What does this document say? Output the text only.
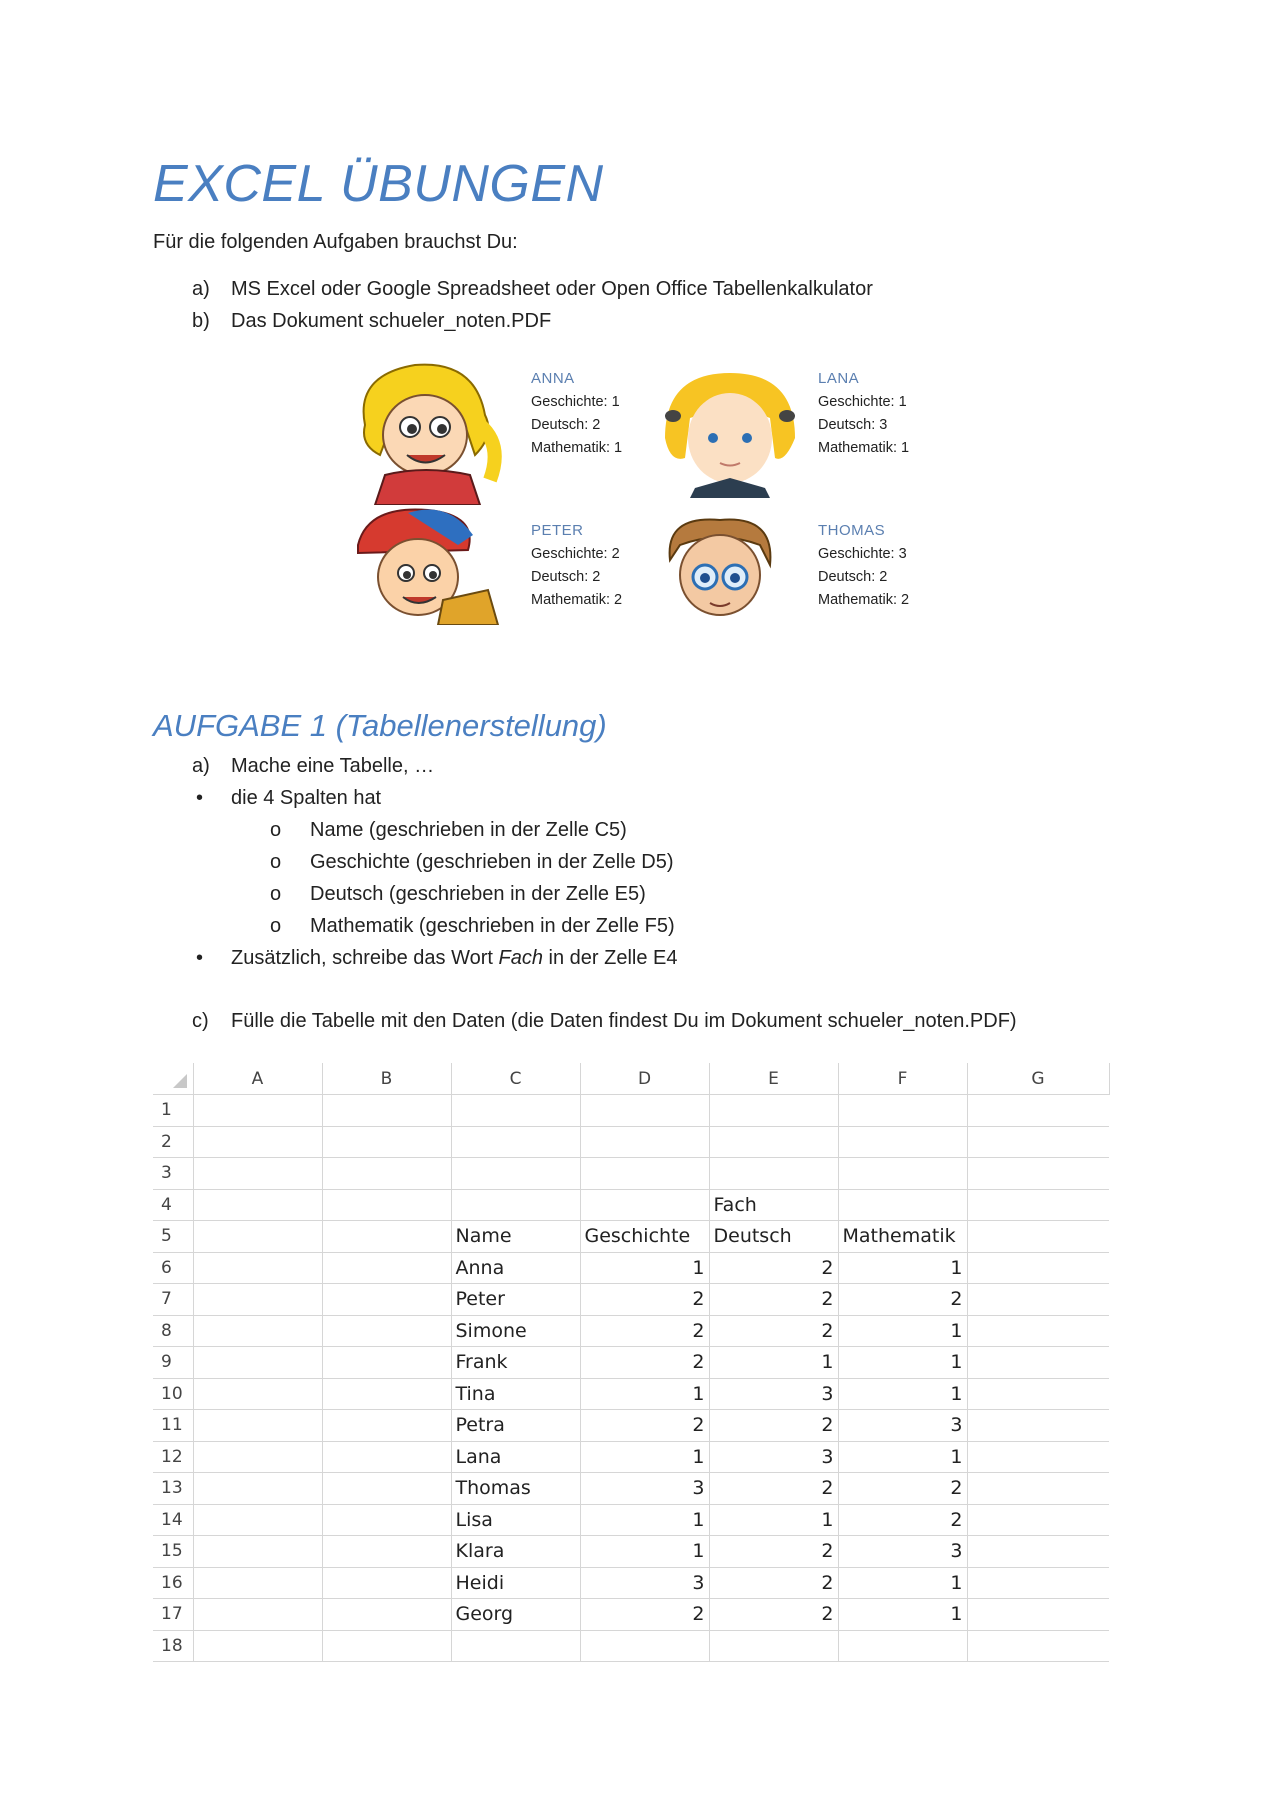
EXCEL ÜBUNGEN
Für die folgenden Aufgaben brauchst Du:
a) MS Excel oder Google Spreadsheet oder Open Office Tabellenkalkulator
b) Das Dokument schueler_noten.PDF
ANNA
Geschichte: 1
Deutsch: 2
Mathematik: 1
LANA
Geschichte: 1
Deutsch: 3
Mathematik: 1
PETER
Geschichte: 2
Deutsch: 2
Mathematik: 2
THOMAS
Geschichte: 3
Deutsch: 2
Mathematik: 2
AUFGABE 1 (Tabellenerstellung)
a) Mache eine Tabelle, …
• die 4 Spalten hat
o Name (geschrieben in der Zelle C5)
o Geschichte (geschrieben in der Zelle D5)
o Deutsch (geschrieben in der Zelle E5)
o Mathematik (geschrieben in der Zelle F5)
• Zusätzlich, schreibe das Wort Fach in der Zelle E4
c) Fülle die Tabelle mit den Daten (die Daten findest Du im Dokument schueler_noten.PDF)
	A	B	C	D	E	F	G
1							
2							
3							
4					Fach		
5			Name	Geschichte	Deutsch	Mathematik	
6			Anna	1	2	1	
7			Peter	2	2	2	
8			Simone	2	2	1	
9			Frank	2	1	1	
10			Tina	1	3	1	
11			Petra	2	2	3	
12			Lana	1	3	1	
13			Thomas	3	2	2	
14			Lisa	1	1	2	
15			Klara	1	2	3	
16			Heidi	3	2	1	
17			Georg	2	2	1	
18							
